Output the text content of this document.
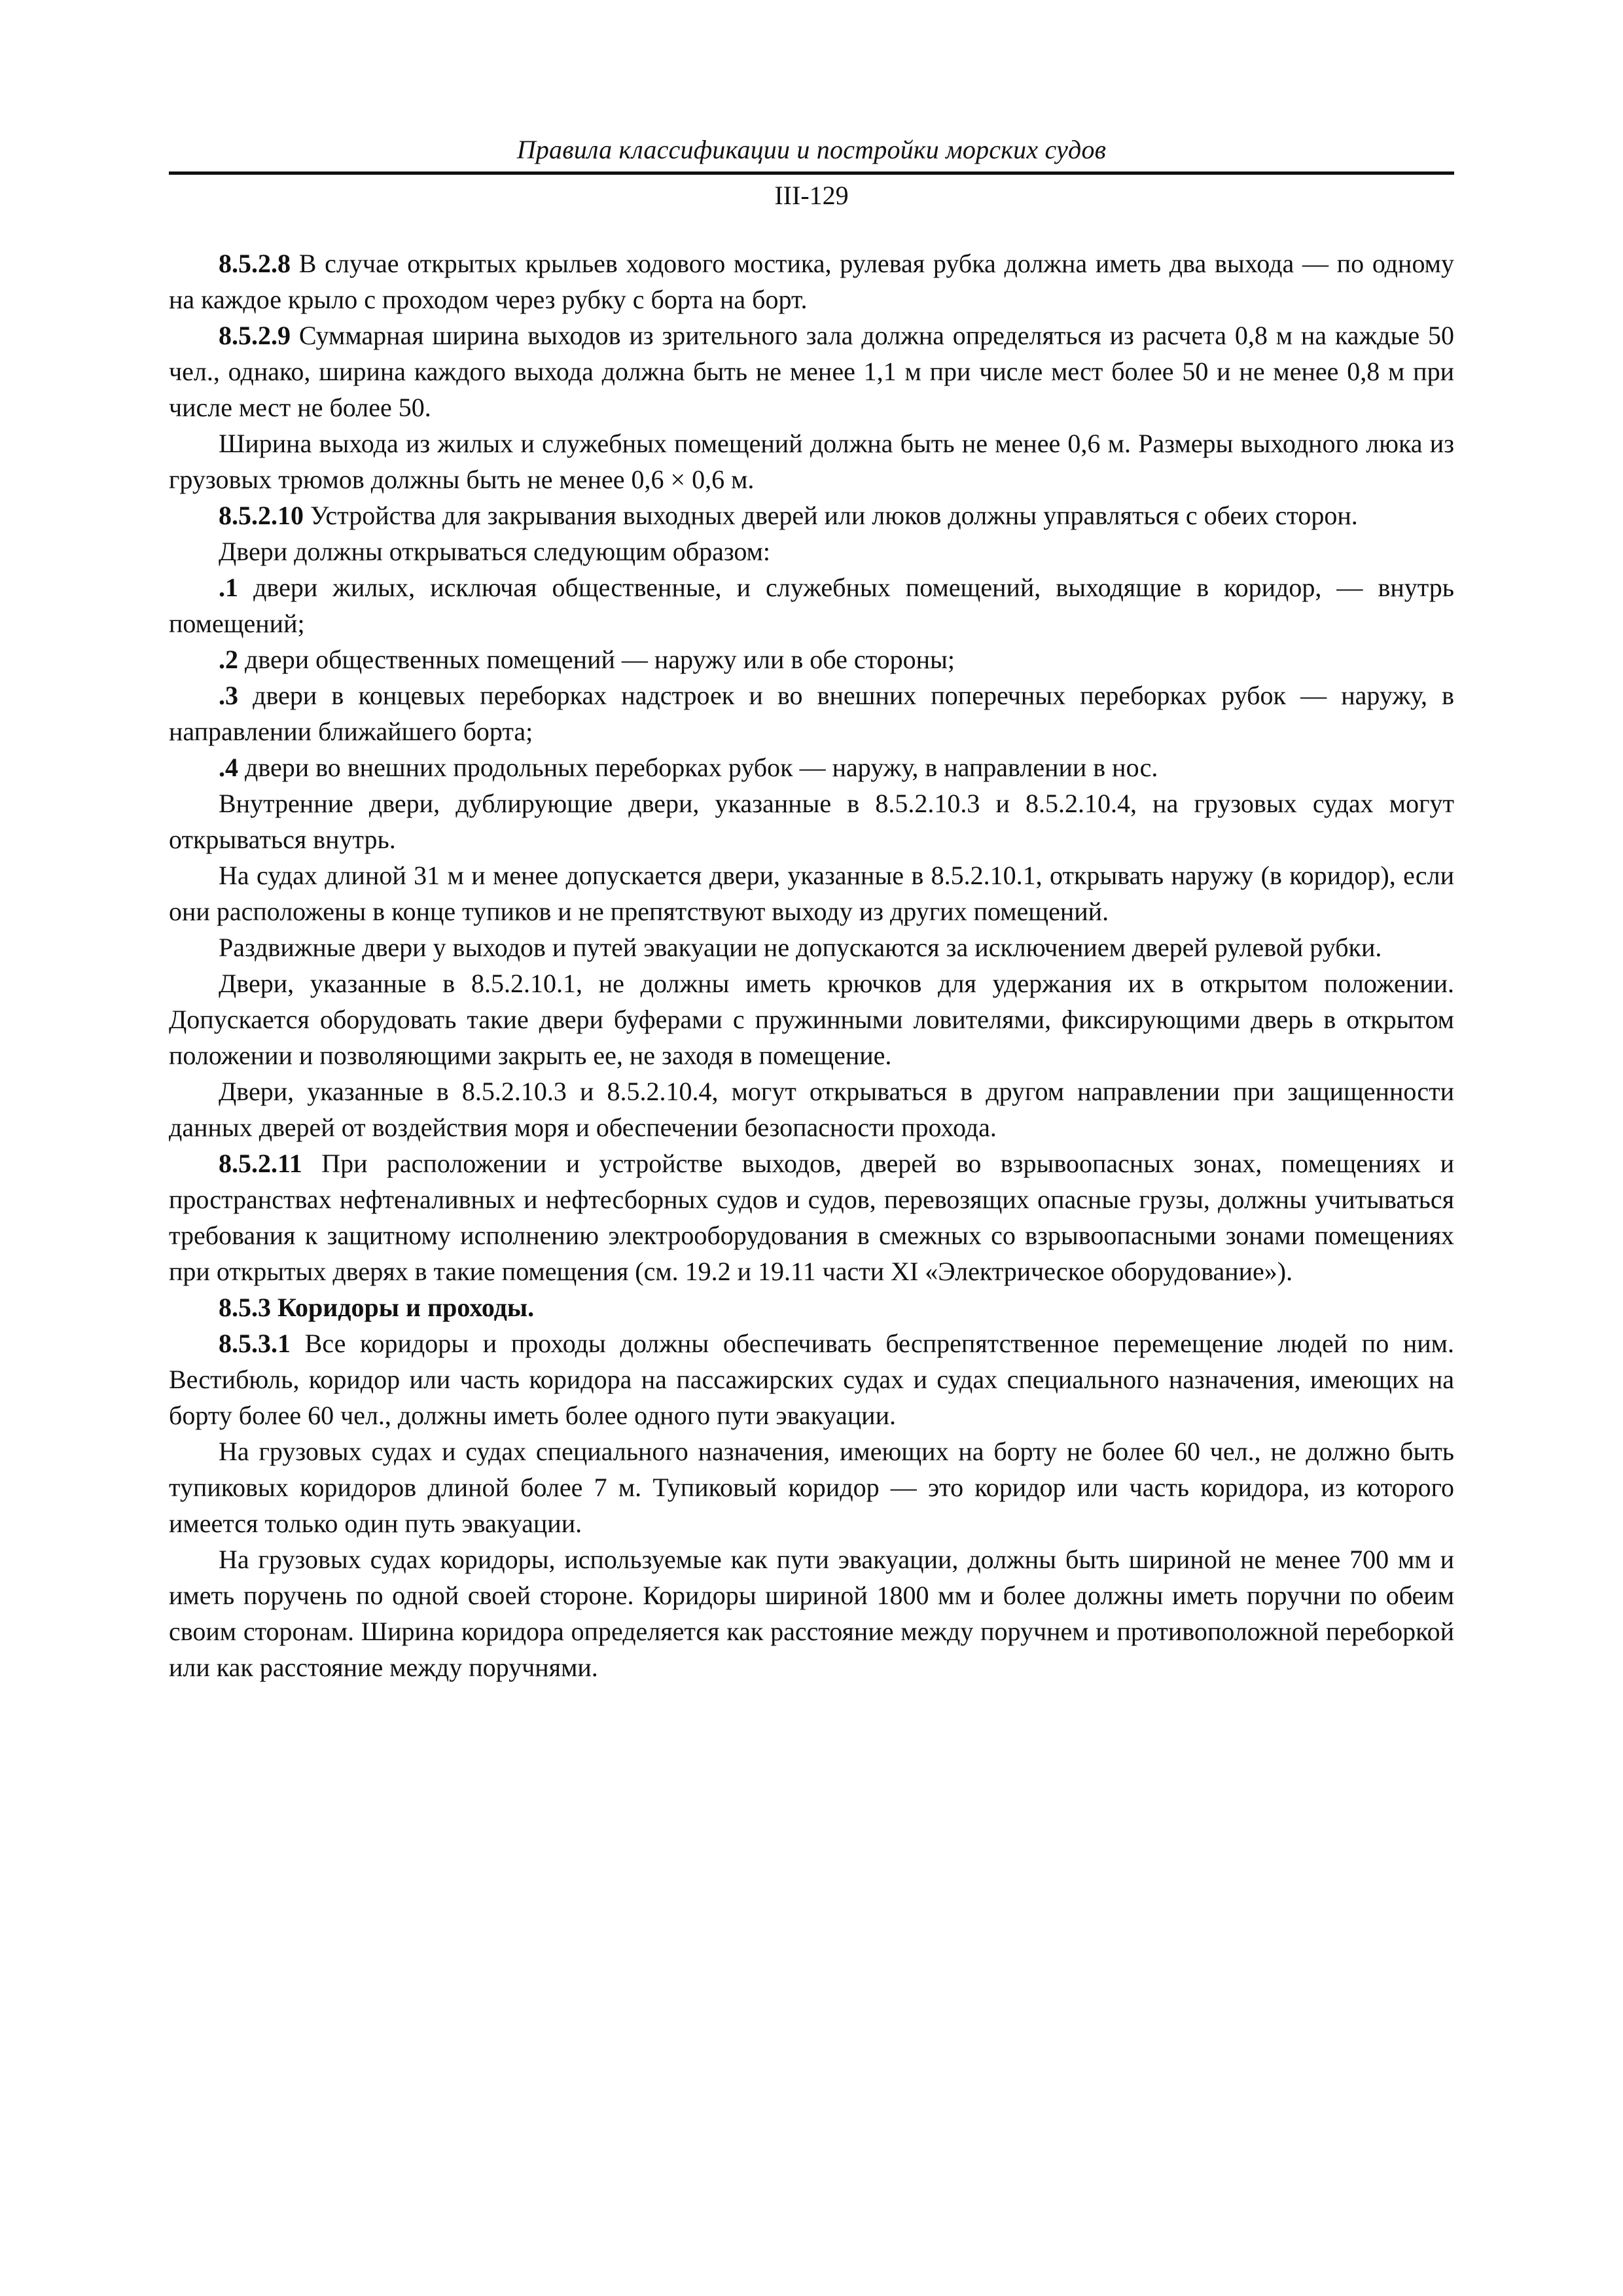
Правила классификации и постройки морских судов
III-129

8.5.2.8 В случае открытых крыльев ходового мостика, рулевая рубка должна иметь два выхода — по одному на каждое крыло с проходом через рубку с борта на борт.

8.5.2.9 Суммарная ширина выходов из зрительного зала должна определяться из расчета 0,8 м на каждые 50 чел., однако, ширина каждого выхода должна быть не менее 1,1 м при числе мест более 50 и не менее 0,8 м при числе мест не более 50.

Ширина выхода из жилых и служебных помещений должна быть не менее 0,6 м. Размеры выходного люка из грузовых трюмов должны быть не менее 0,6 × 0,6 м.

8.5.2.10 Устройства для закрывания выходных дверей или люков должны управляться с обеих сторон.

Двери должны открываться следующим образом:

.1 двери жилых, исключая общественные, и служебных помещений, выходящие в коридор, — внутрь помещений;

.2 двери общественных помещений — наружу или в обе стороны;

.3 двери в концевых переборках надстроек и во внешних поперечных переборках рубок — наружу, в направлении ближайшего борта;

.4 двери во внешних продольных переборках рубок — наружу, в направлении в нос.

Внутренние двери, дублирующие двери, указанные в 8.5.2.10.3 и 8.5.2.10.4, на грузовых судах могут открываться внутрь.

На судах длиной 31 м и менее допускается двери, указанные в 8.5.2.10.1, открывать наружу (в коридор), если они расположены в конце тупиков и не препятствуют выходу из других помещений.

Раздвижные двери у выходов и путей эвакуации не допускаются за исключением дверей рулевой рубки.

Двери, указанные в 8.5.2.10.1, не должны иметь крючков для удержания их в открытом положении. Допускается оборудовать такие двери буферами с пружинными ловителями, фиксирующими дверь в открытом положении и позволяющими закрыть ее, не заходя в помещение.

Двери, указанные в 8.5.2.10.3 и 8.5.2.10.4, могут открываться в другом направлении при защищенности данных дверей от воздействия моря и обеспечении безопасности прохода.

8.5.2.11 При расположении и устройстве выходов, дверей во взрывоопасных зонах, помещениях и пространствах нефтеналивных и нефтесборных судов и судов, перевозящих опасные грузы, должны учитываться требования к защитному исполнению электрооборудования в смежных со взрывоопасными зонами помещениях при открытых дверях в такие помещения (см. 19.2 и 19.11 части XI «Электрическое оборудование»).

8.5.3 Коридоры и проходы.

8.5.3.1 Все коридоры и проходы должны обеспечивать беспрепятственное перемещение людей по ним. Вестибюль, коридор или часть коридора на пассажирских судах и судах специального назначения, имеющих на борту более 60 чел., должны иметь более одного пути эвакуации.

На грузовых судах и судах специального назначения, имеющих на борту не более 60 чел., не должно быть тупиковых коридоров длиной более 7 м. Тупиковый коридор — это коридор или часть коридора, из которого имеется только один путь эвакуации.

На грузовых судах коридоры, используемые как пути эвакуации, должны быть шириной не менее 700 мм и иметь поручень по одной своей стороне. Коридоры шириной 1800 мм и более должны иметь поручни по обеим своим сторонам. Ширина коридора определяется как расстояние между поручнем и противоположной переборкой или как расстояние между поручнями.
